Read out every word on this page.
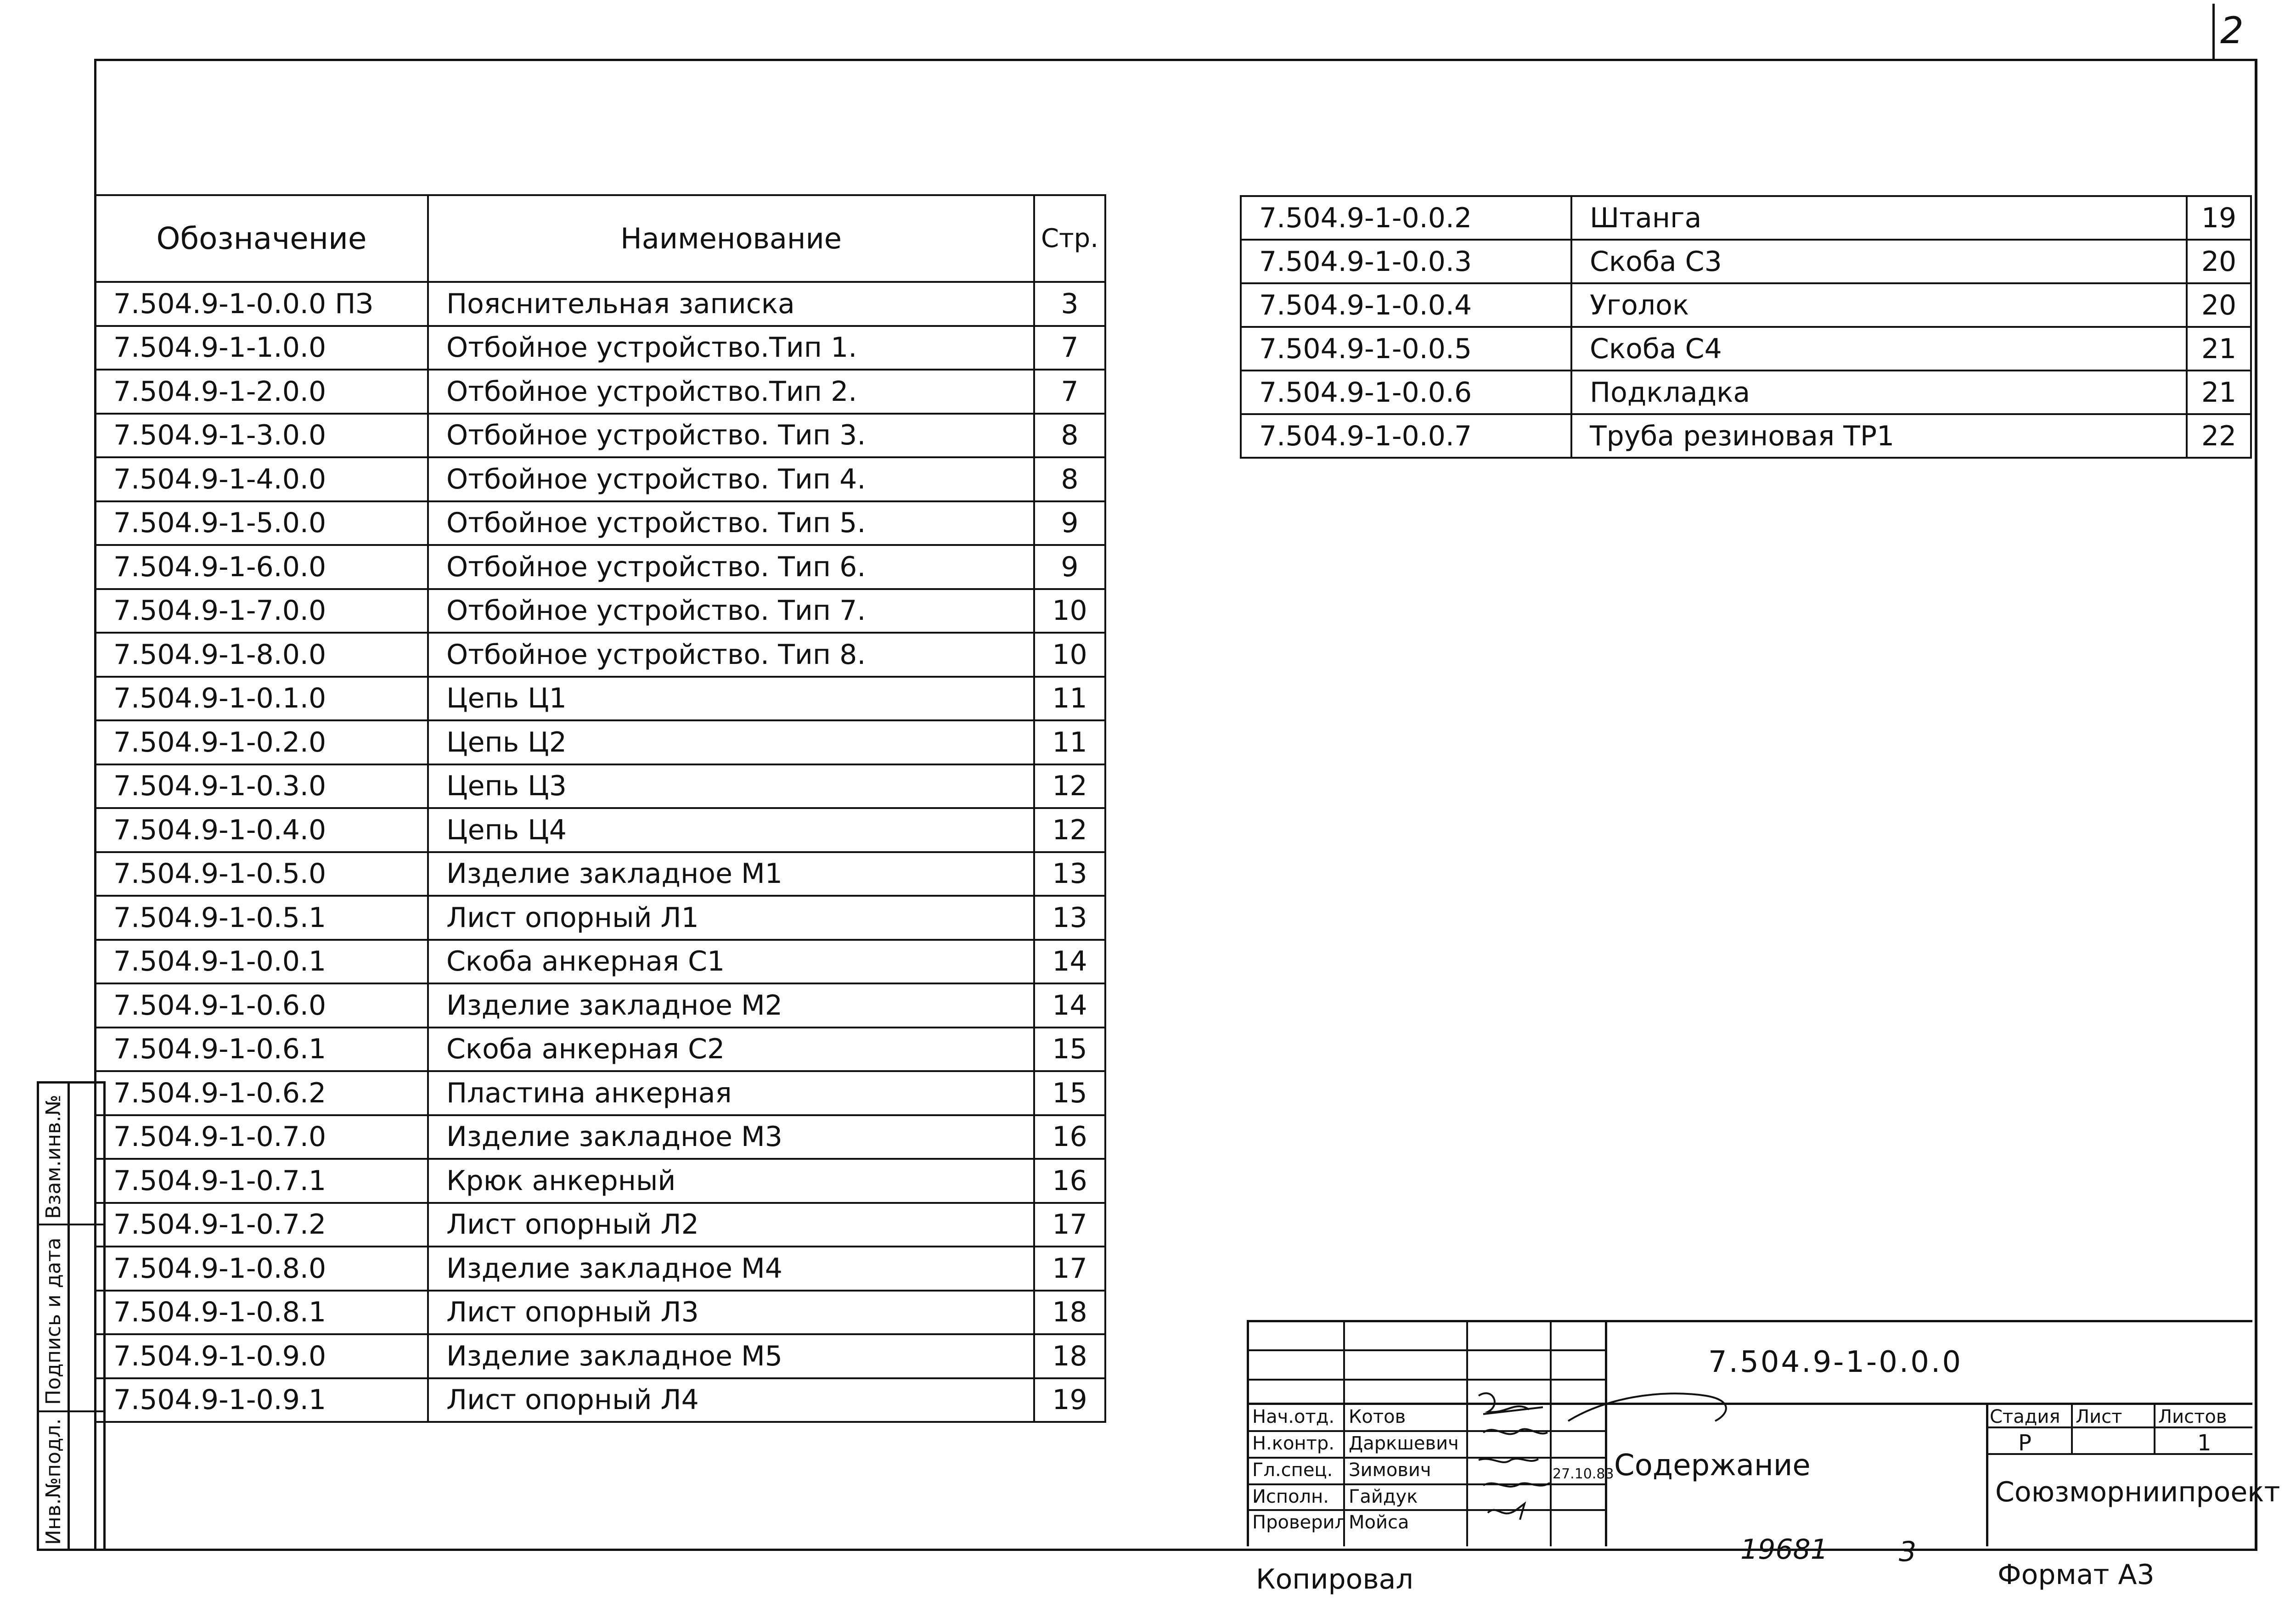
2
Обозначение	Наименование	Стр.
7.504.9-1-0.0.0 ПЗ	Пояснительная записка	3
7.504.9-1-1.0.0	Отбойное устройство.Тип 1.	7
7.504.9-1-2.0.0	Отбойное устройство.Тип 2.	7
7.504.9-1-3.0.0	Отбойное устройство. Тип 3.	8
7.504.9-1-4.0.0	Отбойное устройство. Тип 4.	8
7.504.9-1-5.0.0	Отбойное устройство. Тип 5.	9
7.504.9-1-6.0.0	Отбойное устройство. Тип 6.	9
7.504.9-1-7.0.0	Отбойное устройство. Тип 7.	10
7.504.9-1-8.0.0	Отбойное устройство. Тип 8.	10
7.504.9-1-0.1.0	Цепь Ц1	11
7.504.9-1-0.2.0	Цепь Ц2	11
7.504.9-1-0.3.0	Цепь Ц3	12
7.504.9-1-0.4.0	Цепь Ц4	12
7.504.9-1-0.5.0	Изделие закладное М1	13
7.504.9-1-0.5.1	Лист опорный Л1	13
7.504.9-1-0.0.1	Скоба анкерная С1	14
7.504.9-1-0.6.0	Изделие закладное М2	14
7.504.9-1-0.6.1	Скоба анкерная С2	15
7.504.9-1-0.6.2	Пластина анкерная	15
7.504.9-1-0.7.0	Изделие закладное М3	16
7.504.9-1-0.7.1	Крюк анкерный	16
7.504.9-1-0.7.2	Лист опорный Л2	17
7.504.9-1-0.8.0	Изделие закладное М4	17
7.504.9-1-0.8.1	Лист опорный Л3	18
7.504.9-1-0.9.0	Изделие закладное М5	18
7.504.9-1-0.9.1	Лист опорный Л4	19
7.504.9-1-0.0.2	Штанга	19
7.504.9-1-0.0.3	Скоба С3	20
7.504.9-1-0.0.4	Уголок	20
7.504.9-1-0.0.5	Скоба С4	21
7.504.9-1-0.0.6	Подкладка	21
7.504.9-1-0.0.7	Труба резиновая ТР1	22
Взам.инв.№
Подпись и дата
Инв.№подл.
Нач.отд. Котов
Н.контр. Даркшевич
Гл.спец. Зимович
Исполн. Гайдук
Проверил Мойса
27.10.83
7.504.9-1-0.0.0
Содержание
Стадия Лист Листов
Р	1
Союзморниипроект
Копировал
19681	3
Формат А3
